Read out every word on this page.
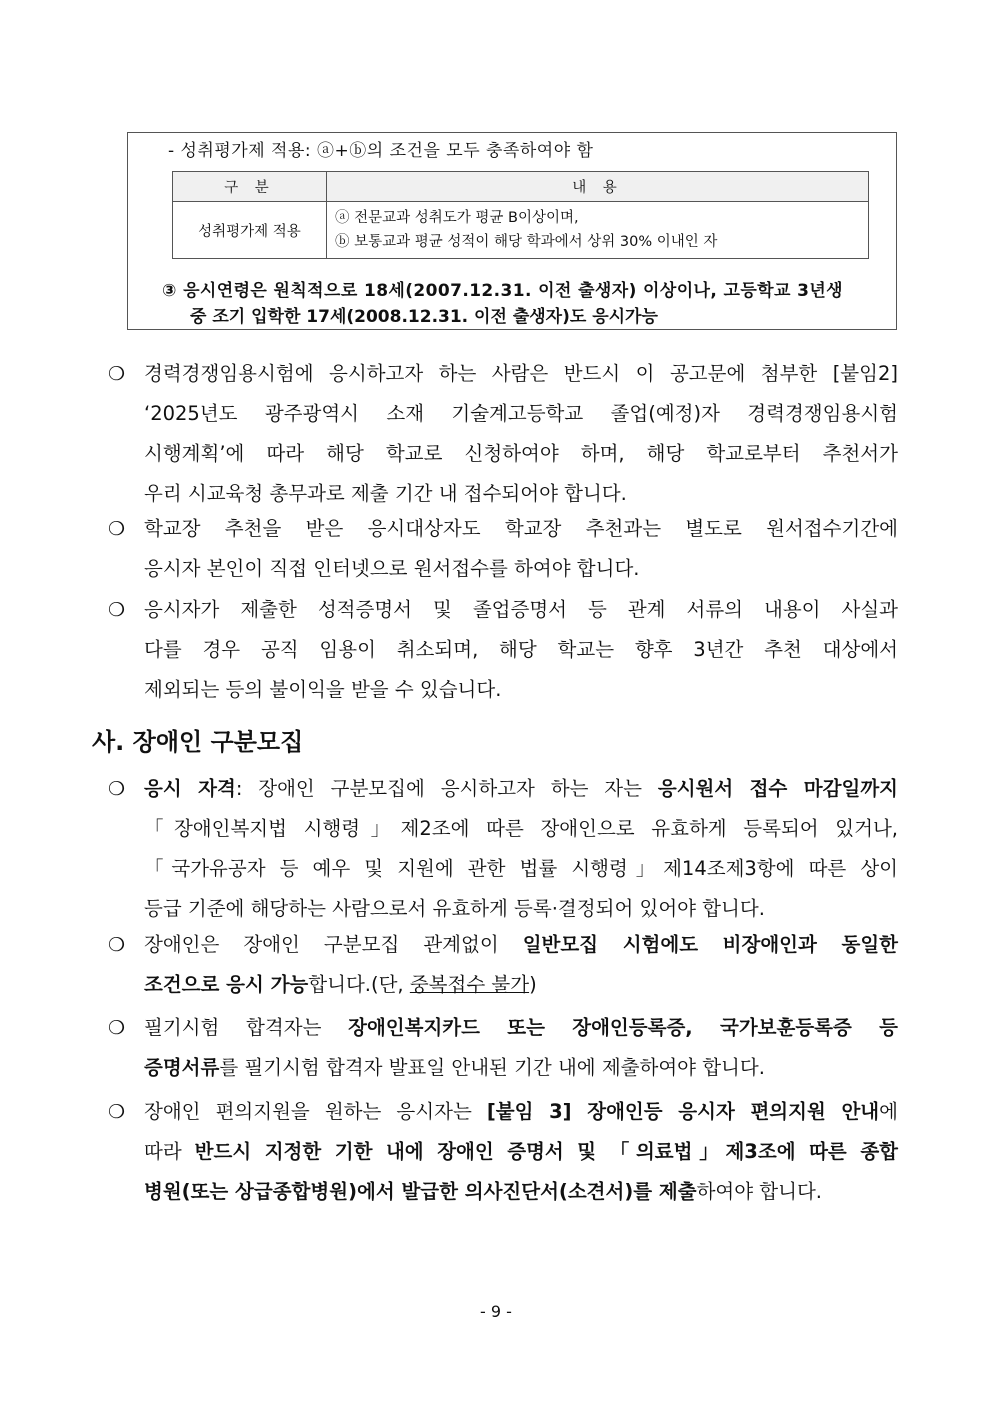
- 성취평가제 적용: ⓐ+ⓑ의 조건을 모두 충족하여야 함
구 분	내 용
성취평가제 적용	ⓐ 전문교과 성취도가 평균 B이상이며,
ⓑ 보통교과 평균 성적이 해당 학과에서 상위 30% 이내인 자
③ 응시연령은 원칙적으로 18세(2007.12.31. 이전 출생자) 이상이나, 고등학교 3년생
중 조기 입학한 17세(2008.12.31. 이전 출생자)도 응시가능
❍ 경력경쟁임용시험에 응시하고자 하는 사람은 반드시 이 공고문에 첨부한 [붙임2]
‘2025년도 광주광역시 소재 기술계고등학교 졸업(예정)자 경력경쟁임용시험
시행계획’에 따라 해당 학교로 신청하여야 하며, 해당 학교로부터 추천서가
우리 시교육청 총무과로 제출 기간 내 접수되어야 합니다.
❍ 학교장 추천을 받은 응시대상자도 학교장 추천과는 별도로 원서접수기간에
응시자 본인이 직접 인터넷으로 원서접수를 하여야 합니다.
❍ 응시자가 제출한 성적증명서 및 졸업증명서 등 관계 서류의 내용이 사실과
다를 경우 공직 임용이 취소되며, 해당 학교는 향후 3년간 추천 대상에서
제외되는 등의 불이익을 받을 수 있습니다.
사. 장애인 구분모집
❍ 응시 자격: 장애인 구분모집에 응시하고자 하는 자는 응시원서 접수 마감일까지
「장애인복지법 시행령」제2조에 따른 장애인으로 유효하게 등록되어 있거나,
「국가유공자 등 예우 및 지원에 관한 법률 시행령」제14조제3항에 따른 상이
등급 기준에 해당하는 사람으로서 유효하게 등록·결정되어 있어야 합니다.
❍ 장애인은 장애인 구분모집 관계없이 일반모집 시험에도 비장애인과 동일한
조건으로 응시 가능합니다.(단, 중복접수 불가)
❍ 필기시험 합격자는 장애인복지카드 또는 장애인등록증, 국가보훈등록증 등
증명서류를 필기시험 합격자 발표일 안내된 기간 내에 제출하여야 합니다.
❍ 장애인 편의지원을 원하는 응시자는 [붙임 3] 장애인등 응시자 편의지원 안내에
따라 반드시 지정한 기한 내에 장애인 증명서 및 「의료법」제3조에 따른 종합
병원(또는 상급종합병원)에서 발급한 의사진단서(소견서)를 제출하여야 합니다.
- 9 -
